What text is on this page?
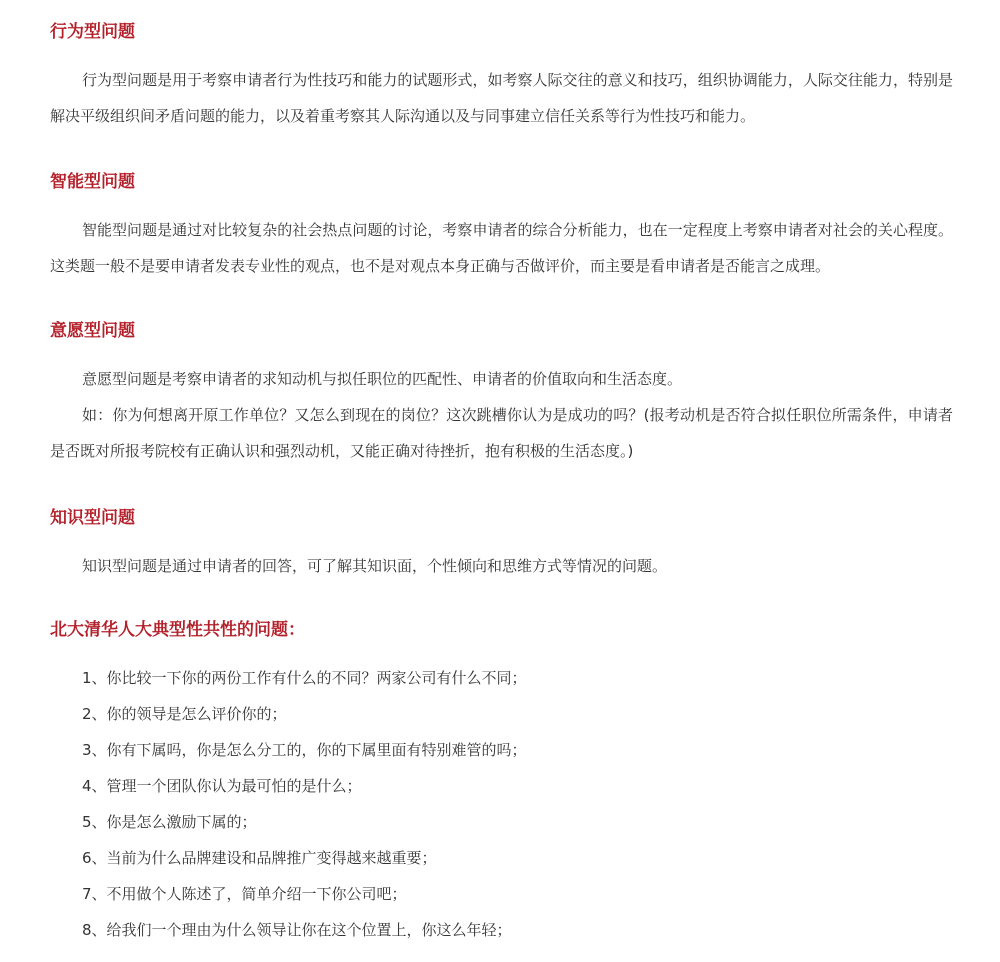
行为型问题

行为型问题是用于考察申请者行为性技巧和能力的试题形式，如考察人际交往的意义和技巧，组织协调能力，人际交往能力，特别是解决平级组织间矛盾问题的能力，以及着重考察其人际沟通以及与同事建立信任关系等行为性技巧和能力。

智能型问题

智能型问题是通过对比较复杂的社会热点问题的讨论，考察申请者的综合分析能力，也在一定程度上考察申请者对社会的关心程度。这类题一般不是要申请者发表专业性的观点，也不是对观点本身正确与否做评价，而主要是看申请者是否能言之成理。

意愿型问题

意愿型问题是考察申请者的求知动机与拟任职位的匹配性、申请者的价值取向和生活态度。

如：你为何想离开原工作单位？又怎么到现在的岗位？这次跳槽你认为是成功的吗？(报考动机是否符合拟任职位所需条件，申请者是否既对所报考院校有正确认识和强烈动机，又能正确对待挫折，抱有积极的生活态度。)

知识型问题

知识型问题是通过申请者的回答，可了解其知识面，个性倾向和思维方式等情况的问题。

北大清华人大典型性共性的问题：
1、你比较一下你的两份工作有什么的不同？两家公司有什么不同；
2、你的领导是怎么评价你的；
3、你有下属吗，你是怎么分工的，你的下属里面有特别难管的吗；
4、管理一个团队你认为最可怕的是什么；
5、你是怎么激励下属的；
6、当前为什么品牌建设和品牌推广变得越来越重要；
7、不用做个人陈述了，简单介绍一下你公司吧；
8、给我们一个理由为什么领导让你在这个位置上，你这么年轻；
